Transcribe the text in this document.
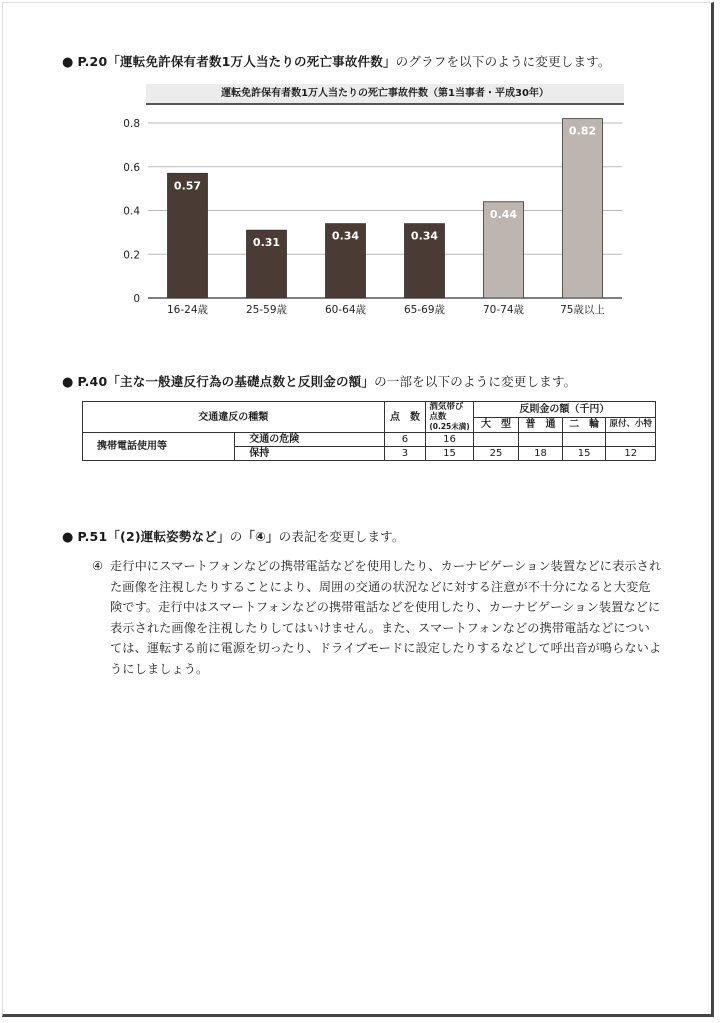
● P.20「運転免許保有者数1万人当たりの死亡事故件数」のグラフを以下のように変更します。
運転免許保有者数1万人当たりの死亡事故件数（第1当事者・平成30年）
0
0.2
0.4
0.6
0.8
0.57
16-24歳
0.31
25-59歳
0.34
60-64歳
0.34
65-69歳
0.44
70-74歳
0.82
75歳以上
● P.40「主な一般違反行為の基礎点数と反則金の額」の一部を以下のように変更します。
交通違反の種類		点　数	酒気帯び
点数
(0.25未満)	反則金の額（千円）			
				大　型	普　通	二　輪	原付、小特
携帯電話使用等	交通の危険	6	16				
	保持	3	15	25	18	15	12
● P.51「(2)運転姿勢など」の「④」の表記を変更します。
④ 走行中にスマートフォンなどの携帯電話などを使用したり、カーナビゲーション装置などに表示された画像を注視したりすることにより、周囲の交通の状況などに対する注意が不十分になると大変危険です。走行中はスマートフォンなどの携帯電話などを使用したり、カーナビゲーション装置などに表示された画像を注視したりしてはいけません。また、スマートフォンなどの携帯電話などについては、運転する前に電源を切ったり、ドライブモードに設定したりするなどして呼出音が鳴らないようにしましょう。
